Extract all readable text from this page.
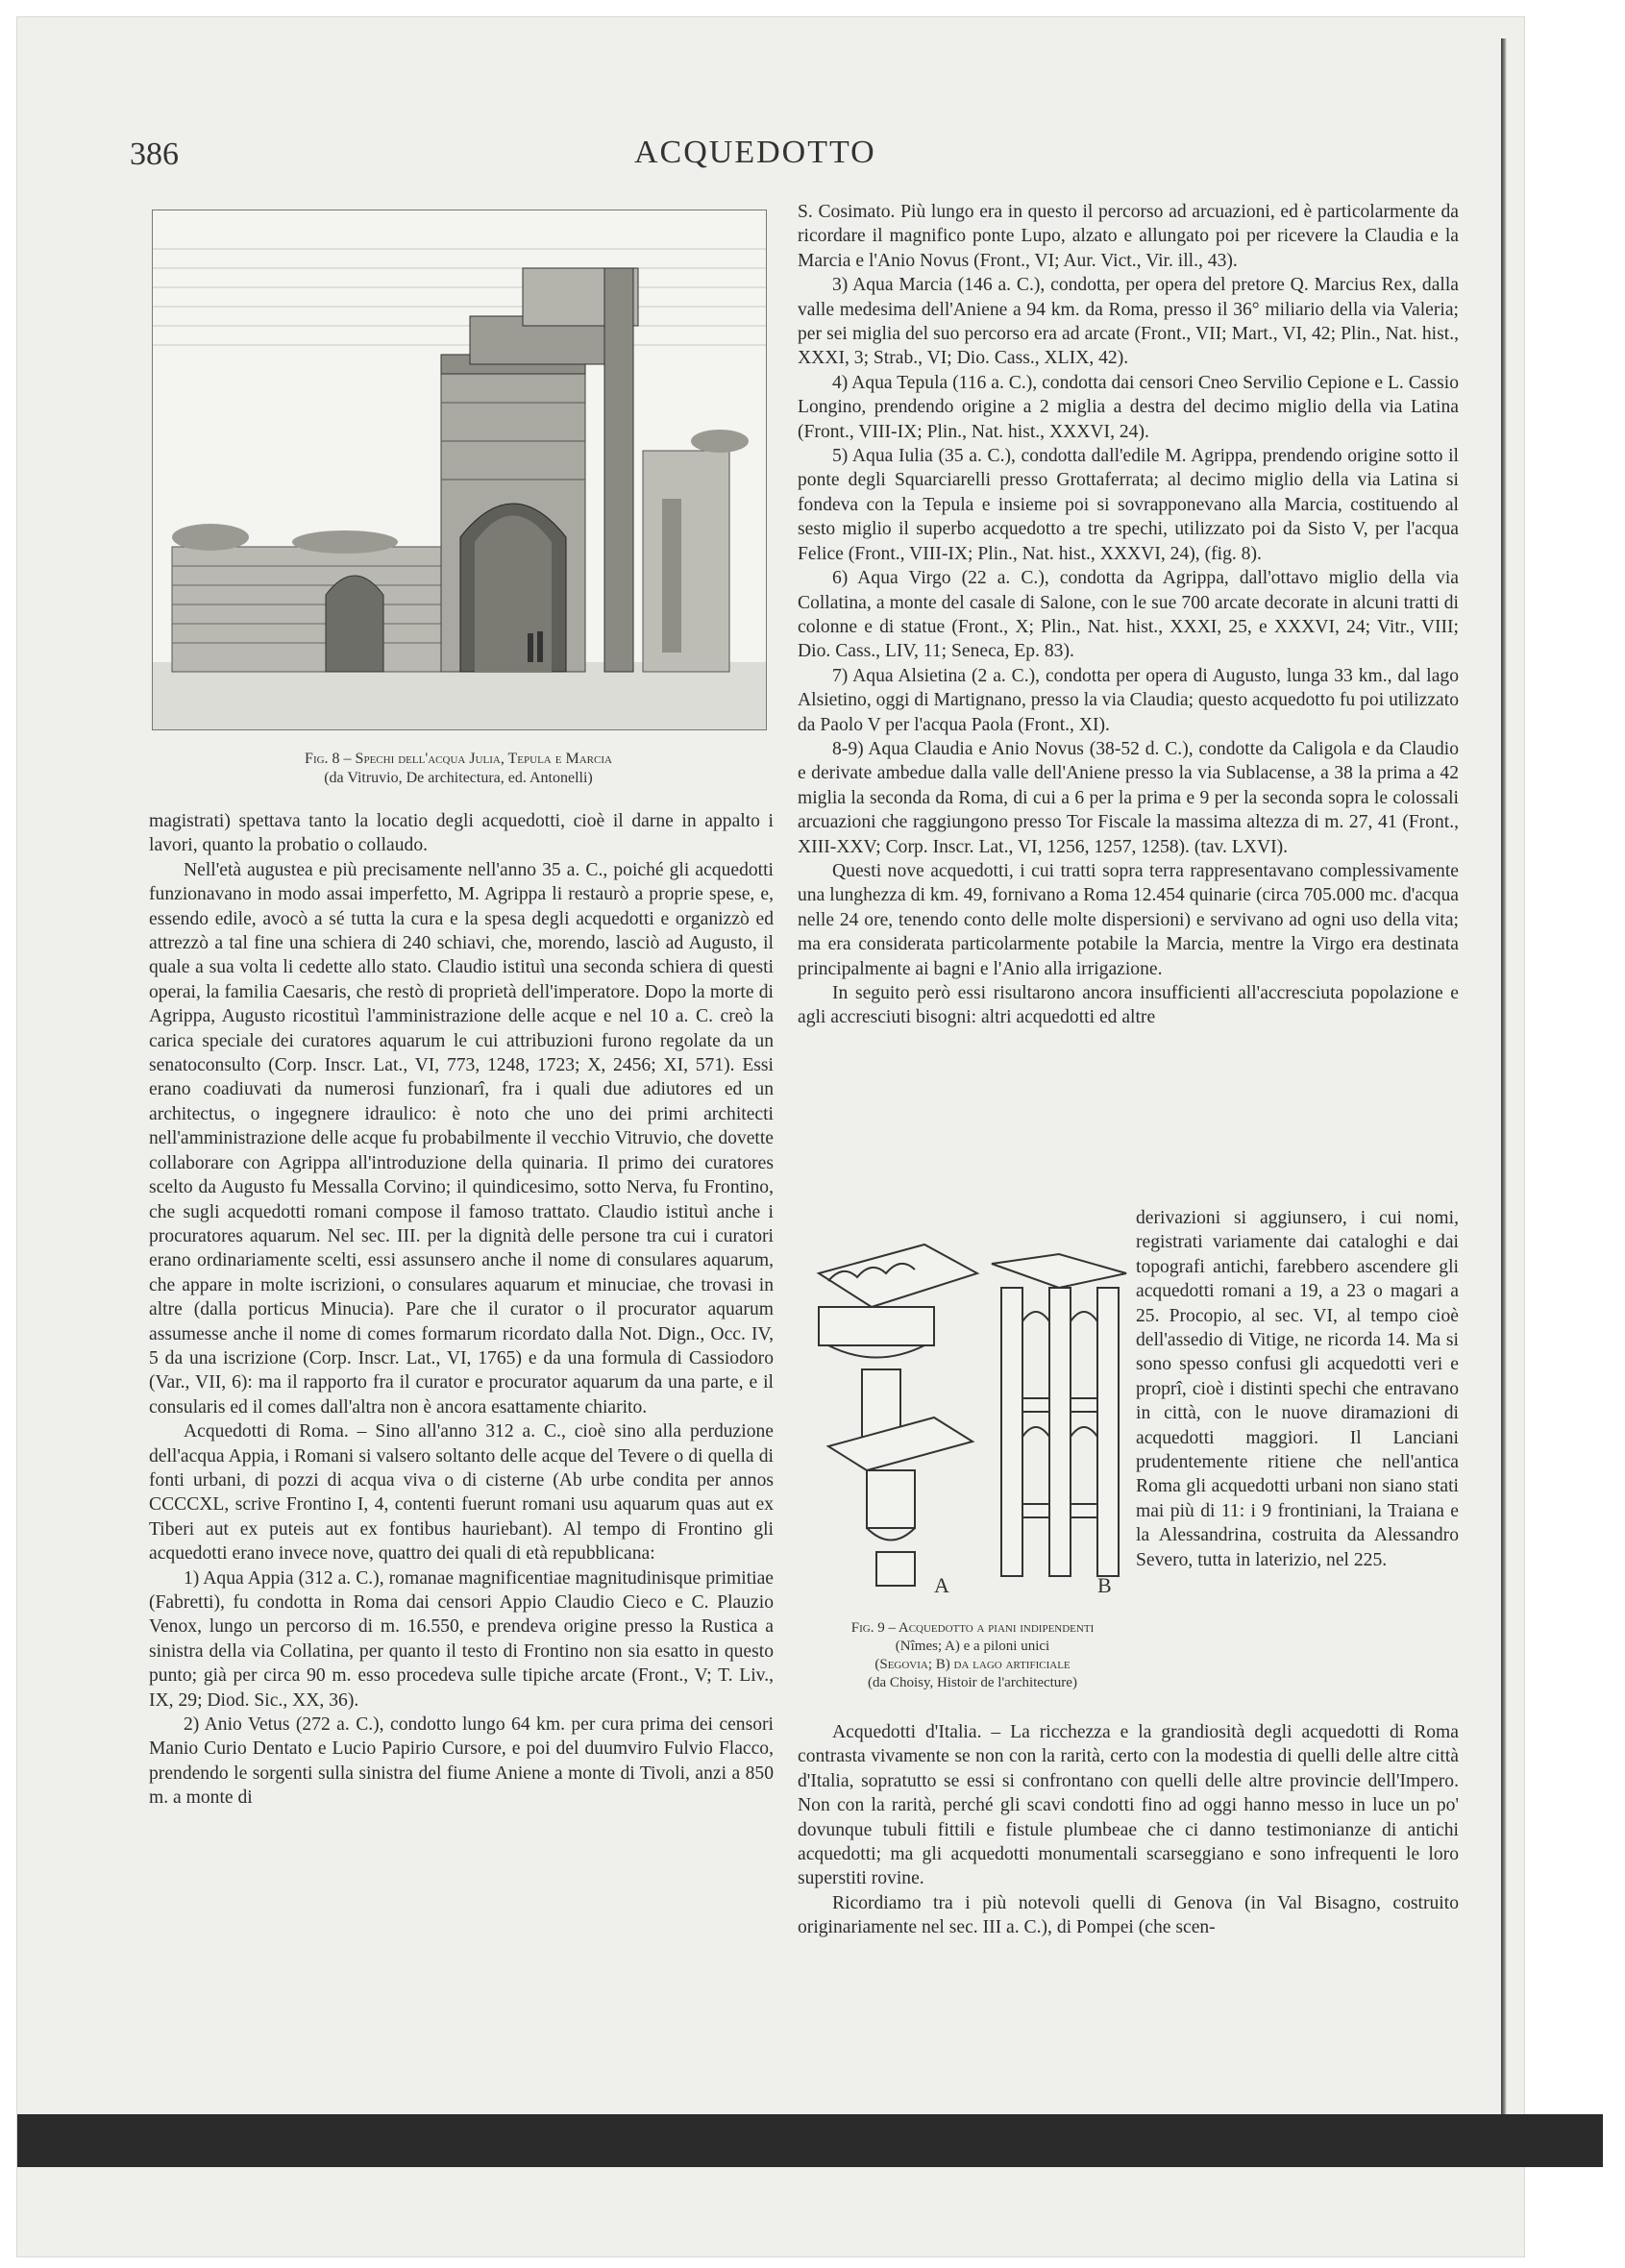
386	ACQUEDOTTO
Fig. 8 – Spechi dell'acqua Julia, Tepula e Marcia
(da Vitruvio, De architectura, ed. Antonelli)

magistrati) spettava tanto la locatio degli acquedotti, cioè il darne in appalto i lavori, quanto la probatio o collaudo.

Nell'età augustea e più precisamente nell'anno 35 a. C., poiché gli acquedotti funzionavano in modo assai imperfetto, M. Agrippa li restaurò a proprie spese, e, essendo edile, avocò a sé tutta la cura e la spesa degli acquedotti e organizzò ed attrezzò a tal fine una schiera di 240 schiavi, che, morendo, lasciò ad Augusto, il quale a sua volta li cedette allo stato. Claudio istituì una seconda schiera di questi operai, la familia Caesaris, che restò di proprietà dell'imperatore. Dopo la morte di Agrippa, Augusto ricostituì l'amministrazione delle acque e nel 10 a. C. creò la carica speciale dei curatores aquarum le cui attribuzioni furono regolate da un senatoconsulto (Corp. Inscr. Lat., VI, 773, 1248, 1723; X, 2456; XI, 571). Essi erano coadiuvati da numerosi funzionarî, fra i quali due adiutores ed un architectus, o ingegnere idraulico: è noto che uno dei primi architecti nell'amministrazione delle acque fu probabilmente il vecchio Vitruvio, che dovette collaborare con Agrippa all'introduzione della quinaria. Il primo dei curatores scelto da Augusto fu Messalla Corvino; il quindicesimo, sotto Nerva, fu Frontino, che sugli acquedotti romani compose il famoso trattato. Claudio istituì anche i procuratores aquarum. Nel sec. III. per la dignità delle persone tra cui i curatori erano ordinariamente scelti, essi assunsero anche il nome di consulares aquarum, che appare in molte iscrizioni, o consulares aquarum et minuciae, che trovasi in altre (dalla porticus Minucia). Pare che il curator o il procurator aquarum assumesse anche il nome di comes formarum ricordato dalla Not. Dign., Occ. IV, 5 da una iscrizione (Corp. Inscr. Lat., VI, 1765) e da una formula di Cassiodoro (Var., VII, 6): ma il rapporto fra il curator e procurator aquarum da una parte, e il consularis ed il comes dall'altra non è ancora esattamente chiarito.

Acquedotti di Roma. – Sino all'anno 312 a. C., cioè sino alla perduzione dell'acqua Appia, i Romani si valsero soltanto delle acque del Tevere o di quella di fonti urbani, di pozzi di acqua viva o di cisterne (Ab urbe condita per annos CCCCXL, scrive Frontino I, 4, contenti fuerunt romani usu aquarum quas aut ex Tiberi aut ex puteis aut ex fontibus hauriebant). Al tempo di Frontino gli acquedotti erano invece nove, quattro dei quali di età repubblicana:

1) Aqua Appia (312 a. C.), romanae magnificentiae magnitudinisque primitiae (Fabretti), fu condotta in Roma dai censori Appio Claudio Cieco e C. Plauzio Venox, lungo un percorso di m. 16.550, e prendeva origine presso la Rustica a sinistra della via Collatina, per quanto il testo di Frontino non sia esatto in questo punto; già per circa 90 m. esso procedeva sulle tipiche arcate (Front., V; T. Liv., IX, 29; Diod. Sic., XX, 36).

2) Anio Vetus (272 a. C.), condotto lungo 64 km. per cura prima dei censori Manio Curio Dentato e Lucio Papirio Cursore, e poi del duumviro Fulvio Flacco, prendendo le sorgenti sulla sinistra del fiume Aniene a monte di Tivoli, anzi a 850 m. a monte di

S. Cosimato. Più lungo era in questo il percorso ad arcuazioni, ed è particolarmente da ricordare il magnifico ponte Lupo, alzato e allungato poi per ricevere la Claudia e la Marcia e l'Anio Novus (Front., VI; Aur. Vict., Vir. ill., 43).

3) Aqua Marcia (146 a. C.), condotta, per opera del pretore Q. Marcius Rex, dalla valle medesima dell'Aniene a 94 km. da Roma, presso il 36° miliario della via Valeria; per sei miglia del suo percorso era ad arcate (Front., VII; Mart., VI, 42; Plin., Nat. hist., XXXI, 3; Strab., VI; Dio. Cass., XLIX, 42).

4) Aqua Tepula (116 a. C.), condotta dai censori Cneo Servilio Cepione e L. Cassio Longino, prendendo origine a 2 miglia a destra del decimo miglio della via Latina (Front., VIII-IX; Plin., Nat. hist., XXXVI, 24).

5) Aqua Iulia (35 a. C.), condotta dall'edile M. Agrippa, prendendo origine sotto il ponte degli Squarciarelli presso Grottaferrata; al decimo miglio della via Latina si fondeva con la Tepula e insieme poi si sovrapponevano alla Marcia, costituendo al sesto miglio il superbo acquedotto a tre spechi, utilizzato poi da Sisto V, per l'acqua Felice (Front., VIII-IX; Plin., Nat. hist., XXXVI, 24), (fig. 8).

6) Aqua Virgo (22 a. C.), condotta da Agrippa, dall'ottavo miglio della via Collatina, a monte del casale di Salone, con le sue 700 arcate decorate in alcuni tratti di colonne e di statue (Front., X; Plin., Nat. hist., XXXI, 25, e XXXVI, 24; Vitr., VIII; Dio. Cass., LIV, 11; Seneca, Ep. 83).

7) Aqua Alsietina (2 a. C.), condotta per opera di Augusto, lunga 33 km., dal lago Alsietino, oggi di Martignano, presso la via Claudia; questo acquedotto fu poi utilizzato da Paolo V per l'acqua Paola (Front., XI).

8-9) Aqua Claudia e Anio Novus (38-52 d. C.), condotte da Caligola e da Claudio e derivate ambedue dalla valle dell'Aniene presso la via Sublacense, a 38 la prima a 42 miglia la seconda da Roma, di cui a 6 per la prima e 9 per la seconda sopra le colossali arcuazioni che raggiungono presso Tor Fiscale la massima altezza di m. 27, 41 (Front., XIII-XXV; Corp. Inscr. Lat., VI, 1256, 1257, 1258). (tav. LXVI).

Questi nove acquedotti, i cui tratti sopra terra rappresentavano complessivamente una lunghezza di km. 49, fornivano a Roma 12.454 quinarie (circa 705.000 mc. d'acqua nelle 24 ore, tenendo conto delle molte dispersioni) e servivano ad ogni uso della vita; ma era considerata particolarmente potabile la Marcia, mentre la Virgo era destinata principalmente ai bagni e l'Anio alla irrigazione.

In seguito però essi risultarono ancora insufficienti all'accresciuta popolazione e agli accresciuti bisogni: altri acquedotti ed altre

A	B
Fig. 9 – Acquedotto a piani indipendenti
(Nîmes; A) e a piloni unici
(Segovia; B) da lago artificiale
(da Choisy, Histoir de l'architecture)

derivazioni si aggiunsero, i cui nomi, registrati variamente dai cataloghi e dai topografi antichi, farebbero ascendere gli acquedotti romani a 19, a 23 o magari a 25. Procopio, al sec. VI, al tempo cioè dell'assedio di Vitige, ne ricorda 14. Ma si sono spesso confusi gli acquedotti veri e proprî, cioè i distinti spechi che entravano in città, con le nuove diramazioni di acquedotti maggiori. Il Lanciani prudentemente ritiene che nell'antica Roma gli acquedotti urbani non siano stati mai più di 11: i 9 frontiniani, la Traiana e la Alessandrina, costruita da Alessandro Severo, tutta in laterizio, nel 225.

Acquedotti d'Italia. – La ricchezza e la grandiosità degli acquedotti di Roma contrasta vivamente se non con la rarità, certo con la modestia di quelli delle altre città d'Italia, sopratutto se essi si confrontano con quelli delle altre provincie dell'Impero. Non con la rarità, perché gli scavi condotti fino ad oggi hanno messo in luce un po' dovunque tubuli fittili e fistule plumbeae che ci danno testimonianze di antichi acquedotti; ma gli acquedotti monumentali scarseggiano e sono infrequenti le loro superstiti rovine.

Ricordiamo tra i più notevoli quelli di Genova (in Val Bisagno, costruito originariamente nel sec. III a. C.), di Pompei (che scen-
